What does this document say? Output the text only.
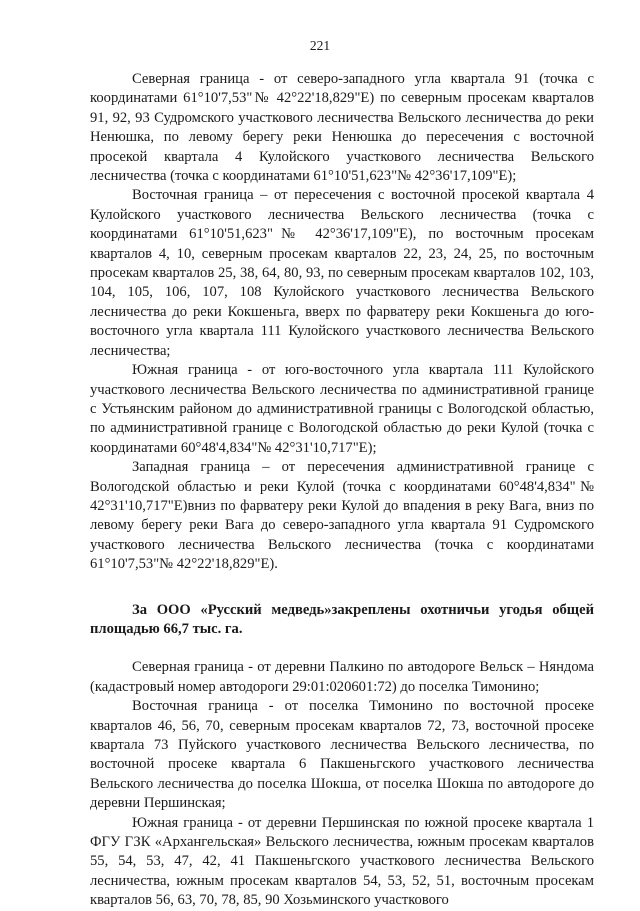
221

Северная граница - от северо-западного угла квартала 91 (точка с координатами 61°10'7,53"№ 42°22'18,829"Е) по северным просекам кварталов 91, 92, 93 Судромского участкового лесничества Вельского лесничества до реки Ненюшка, по левому берегу реки Ненюшка до пересечения с восточной просекой квартала 4 Кулойского участкового лесничества Вельского лесничества (точка с координатами 61°10'51,623"№ 42°36'17,109"Е);

Восточная граница – от пересечения с восточной просекой квартала 4 Кулойского участкового лесничества Вельского лесничества (точка с координатами 61°10'51,623"№ 42°36'17,109"Е), по восточным просекам кварталов 4, 10, северным просекам кварталов 22, 23, 24, 25, по восточным просекам кварталов 25, 38, 64, 80, 93, по северным просекам кварталов 102, 103, 104, 105, 106, 107, 108 Кулойского участкового лесничества Вельского лесничества до реки Кокшеньга, вверх по фарватеру реки Кокшеньга до юго-восточного угла квартала 111 Кулойского участкового лесничества Вельского лесничества;

Южная граница - от юго-восточного угла квартала 111 Кулойского участкового лесничества Вельского лесничества по административной границе с Устьянским районом до административной границы с Вологодской областью, по административной границе с Вологодской областью до реки Кулой (точка с координатами 60°48'4,834"№ 42°31'10,717"Е);

Западная граница – от пересечения административной границе с Вологодской областью и реки Кулой (точка с координатами 60°48'4,834"№ 42°31'10,717"Е)вниз по фарватеру реки Кулой до впадения в реку Вага, вниз по левому берегу реки Вага до северо-западного угла квартала 91 Судромского участкового лесничества Вельского лесничества (точка с координатами 61°10'7,53"№ 42°22'18,829"Е).

За ООО «Русский медведь»закреплены охотничьи угодья общей площадью 66,7 тыс. га.

Северная граница - от деревни Палкино по автодороге Вельск – Няндома (кадастровый номер автодороги 29:01:020601:72) до поселка Тимонино;

Восточная граница - от поселка Тимонино по восточной просеке кварталов 46, 56, 70, северным просекам кварталов 72, 73, восточной просеке квартала 73 Пуйского участкового лесничества Вельского лесничества, по восточной просеке квартала 6 Пакшеньгского участкового лесничества Вельского лесничества до поселка Шокша, от поселка Шокша по автодороге до деревни Першинская;

Южная граница - от деревни Першинская по южной просеке квартала 1 ФГУ ГЗК «Архангельская» Вельского лесничества, южным просекам кварталов 55, 54, 53, 47, 42, 41 Пакшеньгского участкового лесничества Вельского лесничества, южным просекам кварталов 54, 53, 52, 51, восточным просекам кварталов 56, 63, 70, 78, 85, 90 Хозьминского участкового
